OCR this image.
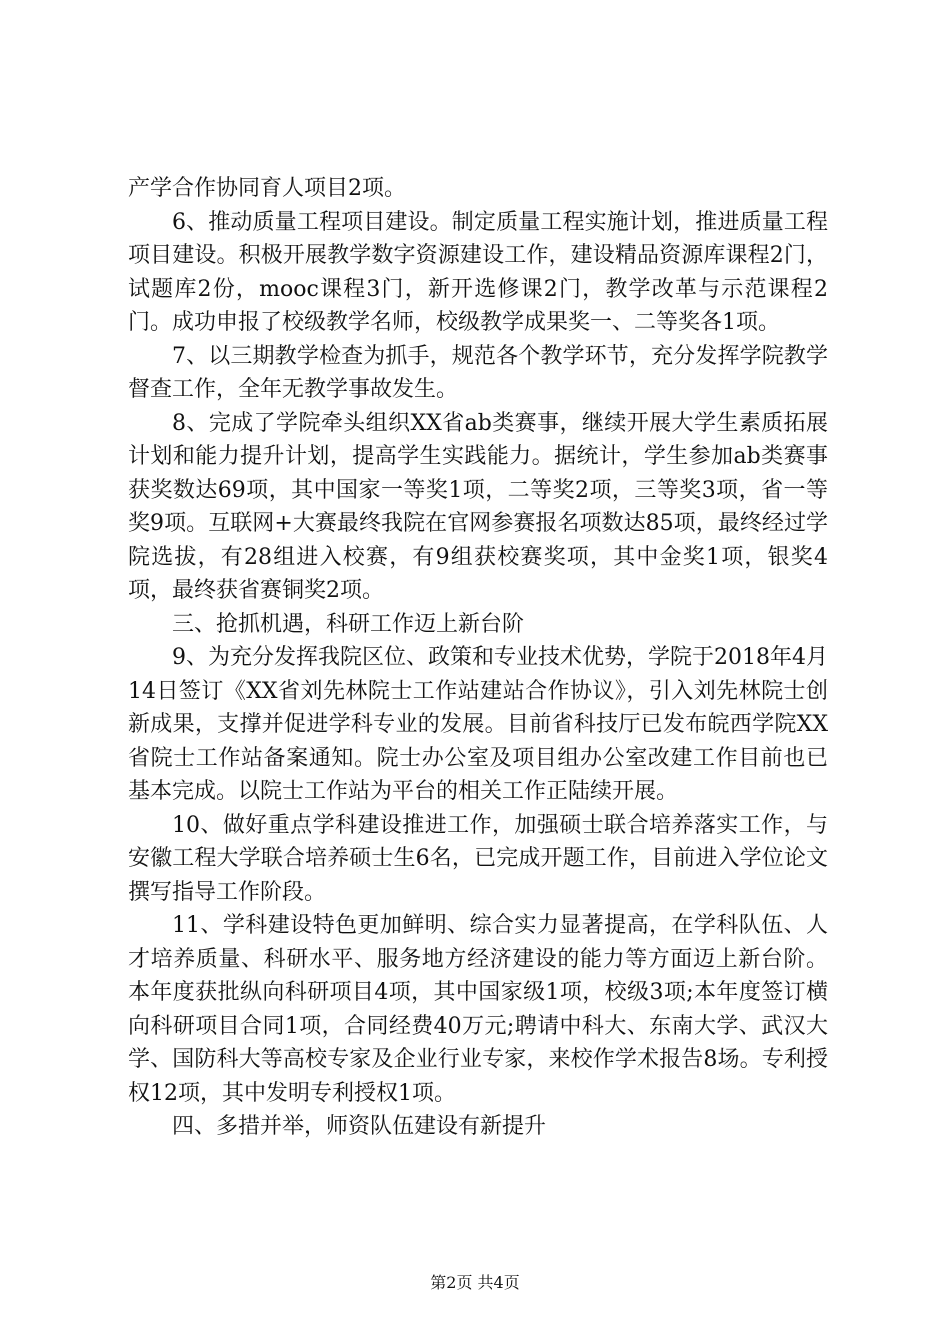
产学合作协同育人项目2项。

6、推动质量工程项目建设。制定质量工程实施计划，推进质量工程项目建设。积极开展教学数字资源建设工作，建设精品资源库课程2门，试题库2份，mooc课程3门，新开选修课2门，教学改革与示范课程2门。成功申报了校级教学名师，校级教学成果奖一、二等奖各1项。

7、以三期教学检查为抓手，规范各个教学环节，充分发挥学院教学督查工作，全年无教学事故发生。

8、完成了学院牵头组织XX省ab类赛事，继续开展大学生素质拓展计划和能力提升计划，提高学生实践能力。据统计，学生参加ab类赛事获奖数达69项，其中国家一等奖1项，二等奖2项，三等奖3项，省一等奖9项。互联网+大赛最终我院在官网参赛报名项数达85项，最终经过学院选拔，有28组进入校赛，有9组获校赛奖项，其中金奖1项，银奖4项，最终获省赛铜奖2项。

三、抢抓机遇，科研工作迈上新台阶

9、为充分发挥我院区位、政策和专业技术优势，学院于2018年4月14日签订《XX省刘先林院士工作站建站合作协议》，引入刘先林院士创新成果，支撑并促进学科专业的发展。目前省科技厅已发布皖西学院XX省院士工作站备案通知。院士办公室及项目组办公室改建工作目前也已基本完成。以院士工作站为平台的相关工作正陆续开展。

10、做好重点学科建设推进工作，加强硕士联合培养落实工作，与安徽工程大学联合培养硕士生6名，已完成开题工作，目前进入学位论文撰写指导工作阶段。

11、学科建设特色更加鲜明、综合实力显著提高，在学科队伍、人才培养质量、科研水平、服务地方经济建设的能力等方面迈上新台阶。本年度获批纵向科研项目4项，其中国家级1项，校级3项;本年度签订横向科研项目合同1项，合同经费40万元;聘请中科大、东南大学、武汉大学、国防科大等高校专家及企业行业专家，来校作学术报告8场。专利授权12项，其中发明专利授权1项。

四、多措并举，师资队伍建设有新提升

第2页 共4页
